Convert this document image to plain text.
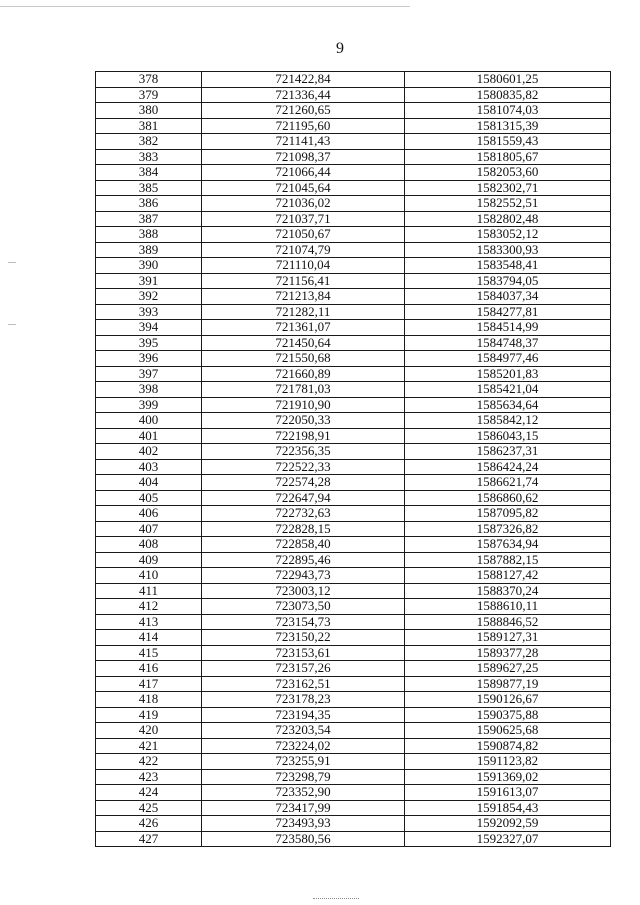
9
378	721422,84	1580601,25
379	721336,44	1580835,82
380	721260,65	1581074,03
381	721195,60	1581315,39
382	721141,43	1581559,43
383	721098,37	1581805,67
384	721066,44	1582053,60
385	721045,64	1582302,71
386	721036,02	1582552,51
387	721037,71	1582802,48
388	721050,67	1583052,12
389	721074,79	1583300,93
390	721110,04	1583548,41
391	721156,41	1583794,05
392	721213,84	1584037,34
393	721282,11	1584277,81
394	721361,07	1584514,99
395	721450,64	1584748,37
396	721550,68	1584977,46
397	721660,89	1585201,83
398	721781,03	1585421,04
399	721910,90	1585634,64
400	722050,33	1585842,12
401	722198,91	1586043,15
402	722356,35	1586237,31
403	722522,33	1586424,24
404	722574,28	1586621,74
405	722647,94	1586860,62
406	722732,63	1587095,82
407	722828,15	1587326,82
408	722858,40	1587634,94
409	722895,46	1587882,15
410	722943,73	1588127,42
411	723003,12	1588370,24
412	723073,50	1588610,11
413	723154,73	1588846,52
414	723150,22	1589127,31
415	723153,61	1589377,28
416	723157,26	1589627,25
417	723162,51	1589877,19
418	723178,23	1590126,67
419	723194,35	1590375,88
420	723203,54	1590625,68
421	723224,02	1590874,82
422	723255,91	1591123,82
423	723298,79	1591369,02
424	723352,90	1591613,07
425	723417,99	1591854,43
426	723493,93	1592092,59
427	723580,56	1592327,07
